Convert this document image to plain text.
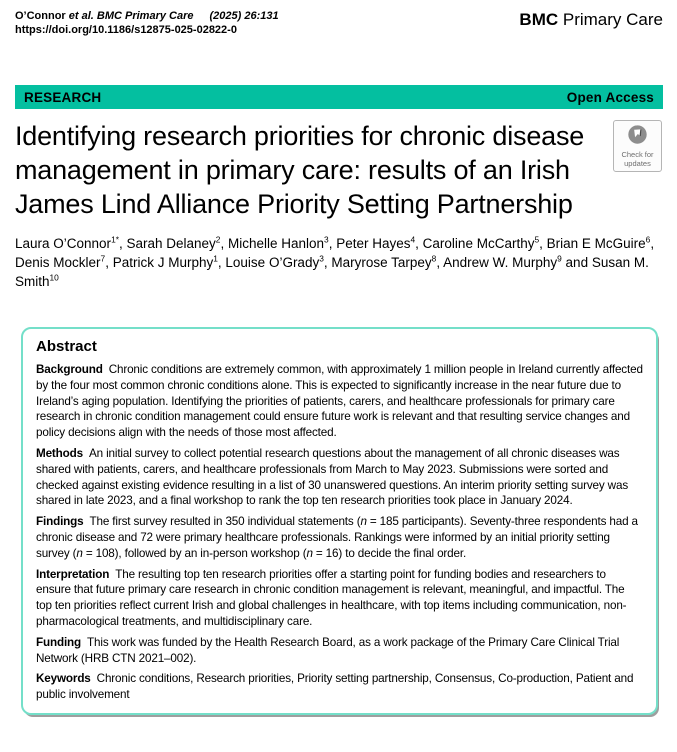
O’Connor et al. BMC Primary Care (2025) 26:131
https://doi.org/10.1186/s12875-025-02822-0
BMC Primary Care
RESEARCH	Open Access
Identifying research priorities for chronic disease management in primary care: results of an Irish James Lind Alliance Priority Setting Partnership
Check for
updates

Laura O’Connor$^{1*}$, Sarah Delaney$^2$, Michelle Hanlon$^3$, Peter Hayes$^4$, Caroline McCarthy$^5$, Brian E McGuire$^6$, Denis Mockler$^7$, Patrick J Murphy$^1$, Louise O’Grady$^3$, Maryrose Tarpey$^8$, Andrew W. Murphy$^9$ and Susan M. Smith$^{10}$

Abstract

Background Chronic conditions are extremely common, with approximately 1 million people in Ireland currently affected by the four most common chronic conditions alone. This is expected to significantly increase in the near future due to Ireland’s aging population. Identifying the priorities of patients, carers, and healthcare professionals for primary care research in chronic condition management could ensure future work is relevant and that resulting service changes and policy decisions align with the needs of those most affected.

Methods An initial survey to collect potential research questions about the management of all chronic diseases was shared with patients, carers, and healthcare professionals from March to May 2023. Submissions were sorted and checked against existing evidence resulting in a list of 30 unanswered questions. An interim priority setting survey was shared in late 2023, and a final workshop to rank the top ten research priorities took place in January 2024.

Findings The first survey resulted in 350 individual statements (n = 185 participants). Seventy-three respondents had a chronic disease and 72 were primary healthcare professionals. Rankings were informed by an initial priority setting survey (n = 108), followed by an in-person workshop (n = 16) to decide the final order.

Interpretation The resulting top ten research priorities offer a starting point for funding bodies and researchers to ensure that future primary care research in chronic condition management is relevant, meaningful, and impactful. The top ten priorities reflect current Irish and global challenges in healthcare, with top items including communication, non-pharmacological treatments, and multidisciplinary care.

Funding This work was funded by the Health Research Board, as a work package of the Primary Care Clinical Trial Network (HRB CTN 2021–002).

Keywords Chronic conditions, Research priorities, Priority setting partnership, Consensus, Co-production, Patient and public involvement
